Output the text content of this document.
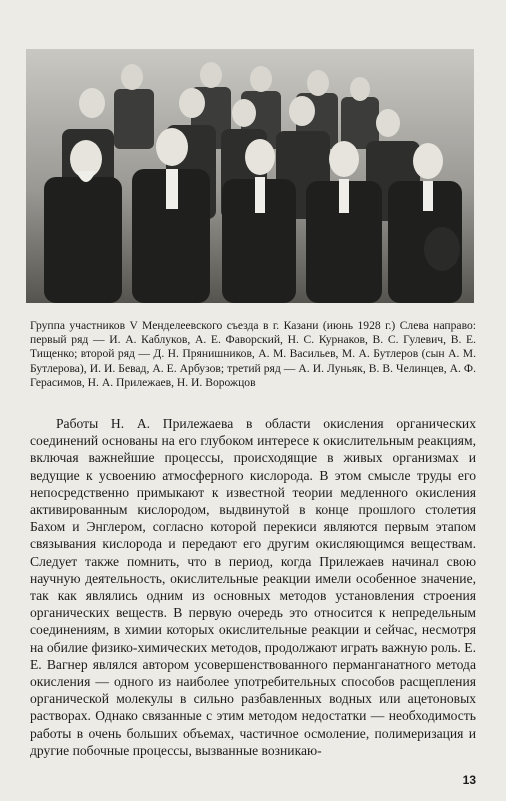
Группа участников V Менделеевского съезда в г. Казани (июнь 1928 г.) Слева направо: первый ряд — И. А. Каблуков, А. Е. Фаворский, Н. С. Курнаков, В. С. Гулевич, В. Е. Тищенко; второй ряд — Д. Н. Прянишников, А. М. Васильев, М. А. Бутлеров (сын А. М. Бутлерова), И. И. Бевад, А. Е. Арбузов; третий ряд — А. И. Луньяк, В. В. Челинцев, А. Ф. Герасимов, Н. А. Прилежаев, Н. И. Ворожцов

Работы Н. А. Прилежаева в области окисления органических соединений основаны на его глубоком интересе к окислительным реакциям, включая важнейшие процессы, происходящие в живых организмах и ведущие к усвоению атмосферного кислорода. В этом смысле труды его непосредственно примыкают к известной теории медленного окисления активированным кислородом, выдвинутой в конце прошлого столетия Бахом и Энглером, согласно которой перекиси являются первым этапом связывания кислорода и передают его другим окисляющимся веществам. Следует также помнить, что в период, когда Прилежаев начинал свою научную деятельность, окислительные реакции имели особенное значение, так как являлись одним из основных методов установления строения органических веществ. В первую очередь это относится к непредельным соединениям, в химии которых окислительные реакции и сейчас, несмотря на обилие физико-химических методов, продолжают играть важную роль. Е. Е. Вагнер являлся автором усовершенствованного перманганатного метода окисления — одного из наиболее употребительных способов расщепления органической молекулы в сильно разбавленных водных или ацетоновых растворах. Однако связанные с этим методом недостатки — необходимость работы в очень больших объемах, частичное осмоление, полимеризация и другие побочные процессы, вызванные возникаю-

13
